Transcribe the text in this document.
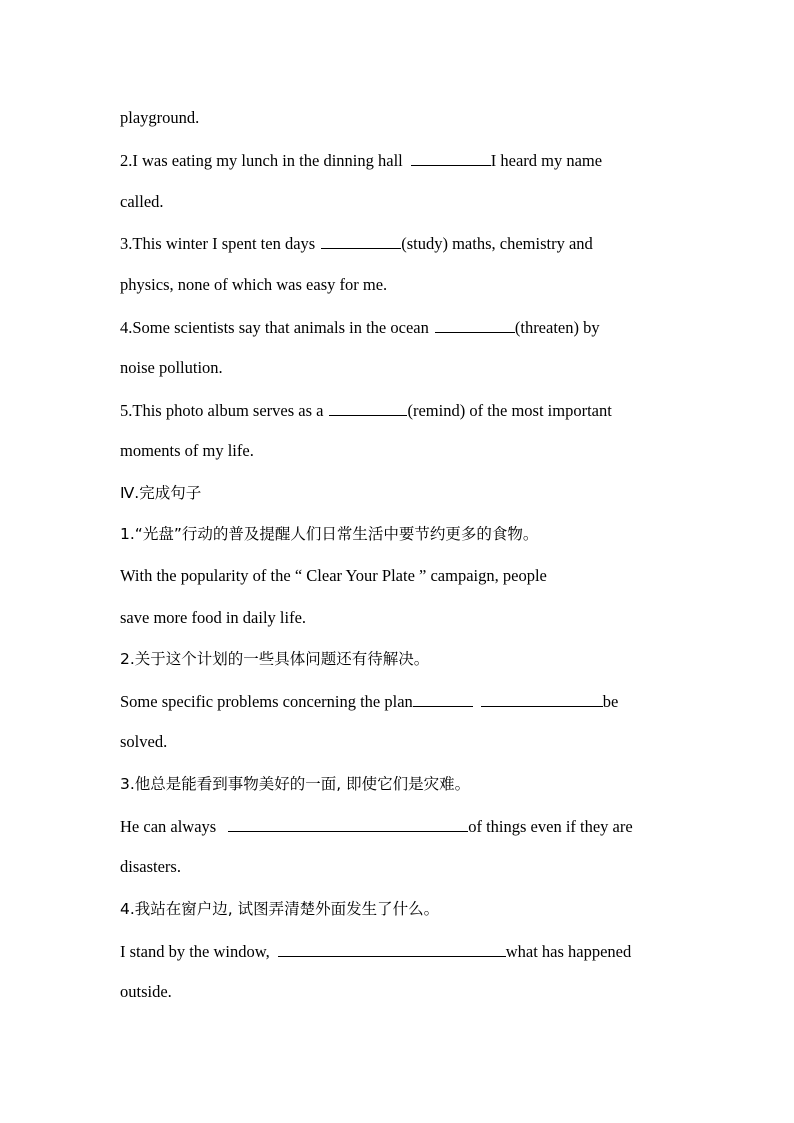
playground.
2.I was eating my lunch in the dinning hall	I heard my name
called.
3.This winter I spent ten days	(study) maths, chemistry and
physics, none of which was easy for me.
4.Some scientists say that animals in the ocean	(threaten) by
noise pollution.
5.This photo album serves as a	(remind) of the most important
moments of my life.
Ⅳ.完成句子
1.“光盘”行动的普及提醒人们日常生活中要节约更多的食物。
With the popularity of the “ Clear Your Plate ” campaign, people
save more food in daily life.
2.关于这个计划的一些具体问题还有待解决。
Some specific problems concerning the plan	be
solved.
3.他总是能看到事物美好的一面, 即使它们是灾难。
He can always	of things even if they are
disasters.
4.我站在窗户边, 试图弄清楚外面发生了什么。
I stand by the window,	what has happened
outside.
